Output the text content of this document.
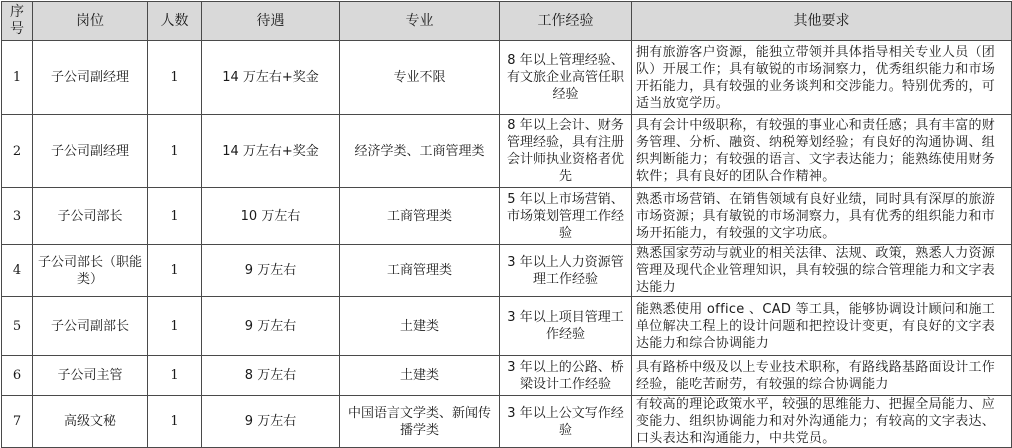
序号	岗位	人数	待遇	专业	工作经验	其他要求
1	子公司副经理	1	14 万左右+奖金	专业不限	8 年以上管理经验、有文旅企业高管任职经验	拥有旅游客户资源，能独立带领并具体指导相关专业人员（团队）开展工作；具有敏锐的市场洞察力，优秀组织能力和市场开拓能力，具有较强的业务谈判和交涉能力。特别优秀的，可适当放宽学历。
2	子公司副经理	1	14 万左右+奖金	经济学类、工商管理类	8 年以上会计、财务管理经验，具有注册会计师执业资格者优先	具有会计中级职称，有较强的事业心和责任感；具有丰富的财务管理、分析、融资、纳税筹划经验；有良好的沟通协调、组织判断能力；有较强的语言、文字表达能力；能熟练使用财务软件；具有良好的团队合作精神。
3	子公司部长	1	10 万左右	工商管理类	5 年以上市场营销、市场策划管理工作经验	熟悉市场营销、在销售领域有良好业绩，同时具有深厚的旅游市场资源；具有敏锐的市场洞察力，具有优秀的组织能力和市场开拓能力，有较强的文字功底。
4	子公司部长（职能类）	1	9 万左右	工商管理类	3 年以上人力资源管理工作经验	熟悉国家劳动与就业的相关法律、法规、政策，熟悉人力资源管理及现代企业管理知识，具有较强的综合管理能力和文字表达能力
5	子公司副部长	1	9 万左右	土建类	3 年以上项目管理工作经验	能熟悉使用 office 、CAD 等工具，能够协调设计顾问和施工单位解决工程上的设计问题和把控设计变更，有良好的文字表达能力和综合协调能力
6	子公司主管	1	8 万左右	土建类	3 年以上的公路、桥梁设计工作经验	具有路桥中级及以上专业技术职称，有路线路基路面设计工作经验，能吃苦耐劳，有较强的综合协调能力
7	高级文秘	1	9 万左右	中国语言文学类、新闻传播学类	3 年以上公文写作经验	有较高的理论政策水平，较强的思维能力、把握全局能力、应变能力、组织协调能力和对外沟通能力；有较高的文字表达、口头表达和沟通能力，中共党员。
